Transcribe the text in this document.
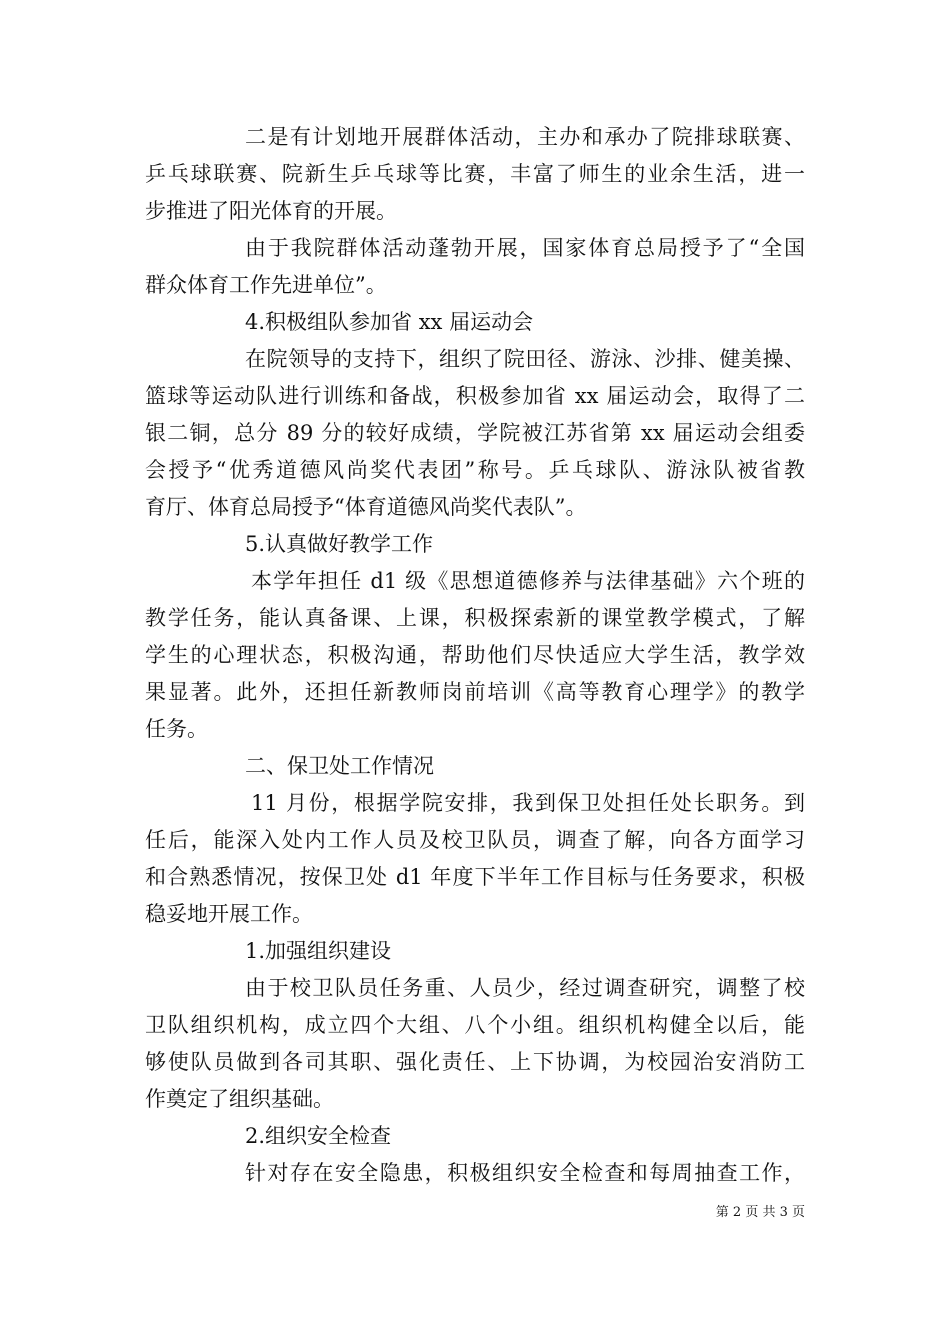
二是有计划地开展群体活动，主办和承办了院排球联赛、
乒乓球联赛、院新生乒乓球等比赛，丰富了师生的业余生活，进一
步推进了阳光体育的开展。
由于我院群体活动蓬勃开展，国家体育总局授予了“全国
群众体育工作先进单位”。
4.积极组队参加省 xx 届运动会
在院领导的支持下，组织了院田径、游泳、沙排、健美操、
篮球等运动队进行训练和备战，积极参加省 xx 届运动会，取得了二
银二铜，总分 89 分的较好成绩，学院被江苏省第 xx 届运动会组委
会授予“优秀道德风尚奖代表团”称号。乒乓球队、游泳队被省教
育厅、体育总局授予“体育道德风尚奖代表队”。
5.认真做好教学工作
本学年担任 d1 级《思想道德修养与法律基础》六个班的
教学任务，能认真备课、上课，积极探索新的课堂教学模式，了解
学生的心理状态，积极沟通，帮助他们尽快适应大学生活，教学效
果显著。此外，还担任新教师岗前培训《高等教育心理学》的教学
任务。
二、保卫处工作情况
11 月份，根据学院安排，我到保卫处担任处长职务。到
任后，能深入处内工作人员及校卫队员，调查了解，向各方面学习
和合熟悉情况，按保卫处 d1 年度下半年工作目标与任务要求，积极
稳妥地开展工作。
1.加强组织建设
由于校卫队员任务重、人员少，经过调查研究，调整了校
卫队组织机构，成立四个大组、八个小组。组织机构健全以后，能
够使队员做到各司其职、强化责任、上下协调，为校园治安消防工
作奠定了组织基础。
2.组织安全检查
针对存在安全隐患，积极组织安全检查和每周抽查工作，
第 2 页 共 3 页
